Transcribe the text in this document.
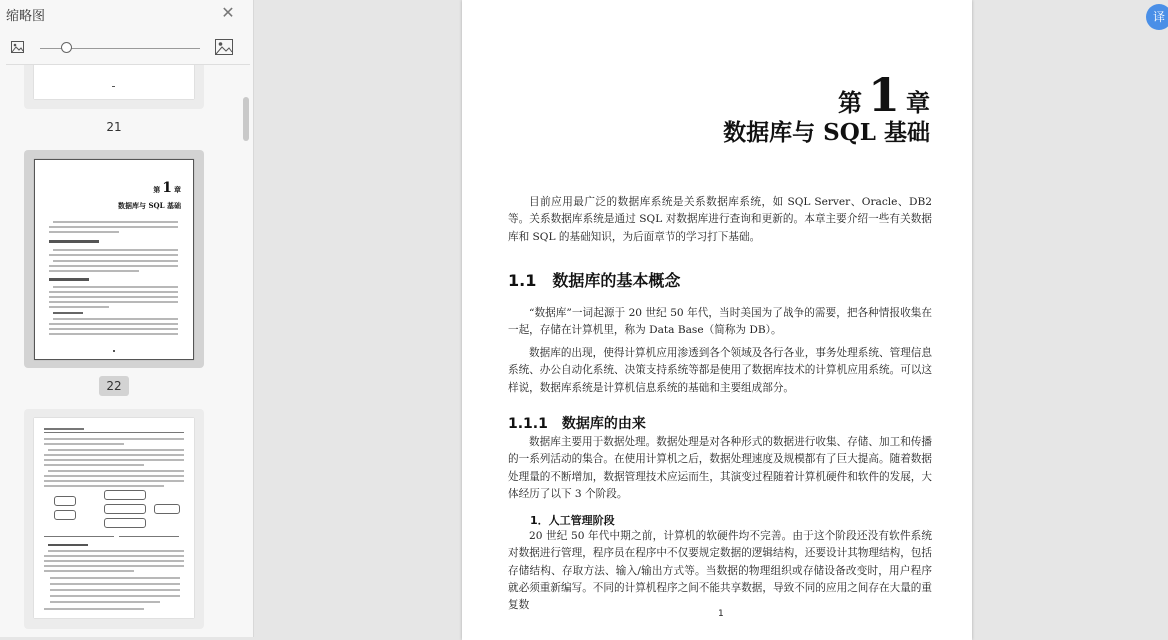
缩略图	✕
21
第 1 章
数据库与 SQL 基础
22
第 1 章
数据库与 SQL 基础
目前应用最广泛的数据库系统是关系数据库系统，如 SQL Server、Oracle、DB2 等。关系数据库系统是通过 SQL 对数据库进行查询和更新的。本章主要介绍一些有关数据库和 SQL 的基础知识，为后面章节的学习打下基础。
1.1　数据库的基本概念
“数据库”一词起源于 20 世纪 50 年代，当时美国为了战争的需要，把各种情报收集在一起，存储在计算机里，称为 Data Base（简称为 DB）。
数据库的出现，使得计算机应用渗透到各个领域及各行各业，事务处理系统、管理信息系统、办公自动化系统、决策支持系统等都是使用了数据库技术的计算机应用系统。可以这样说，数据库系统是计算机信息系统的基础和主要组成部分。
1.1.1　数据库的由来
数据库主要用于数据处理。数据处理是对各种形式的数据进行收集、存储、加工和传播的一系列活动的集合。在使用计算机之后，数据处理速度及规模都有了巨大提高。随着数据处理量的不断增加，数据管理技术应运而生，其演变过程随着计算机硬件和软件的发展，大体经历了以下 3 个阶段。
1．人工管理阶段
20 世纪 50 年代中期之前，计算机的软硬件均不完善。由于这个阶段还没有软件系统对数据进行管理，程序员在程序中不仅要规定数据的逻辑结构，还要设计其物理结构，包括存储结构、存取方法、输入/输出方式等。当数据的物理组织或存储设备改变时，用户程序就必须重新编写。不同的计算机程序之间不能共享数据，导致不同的应用之间存在大量的重复数
1
译
